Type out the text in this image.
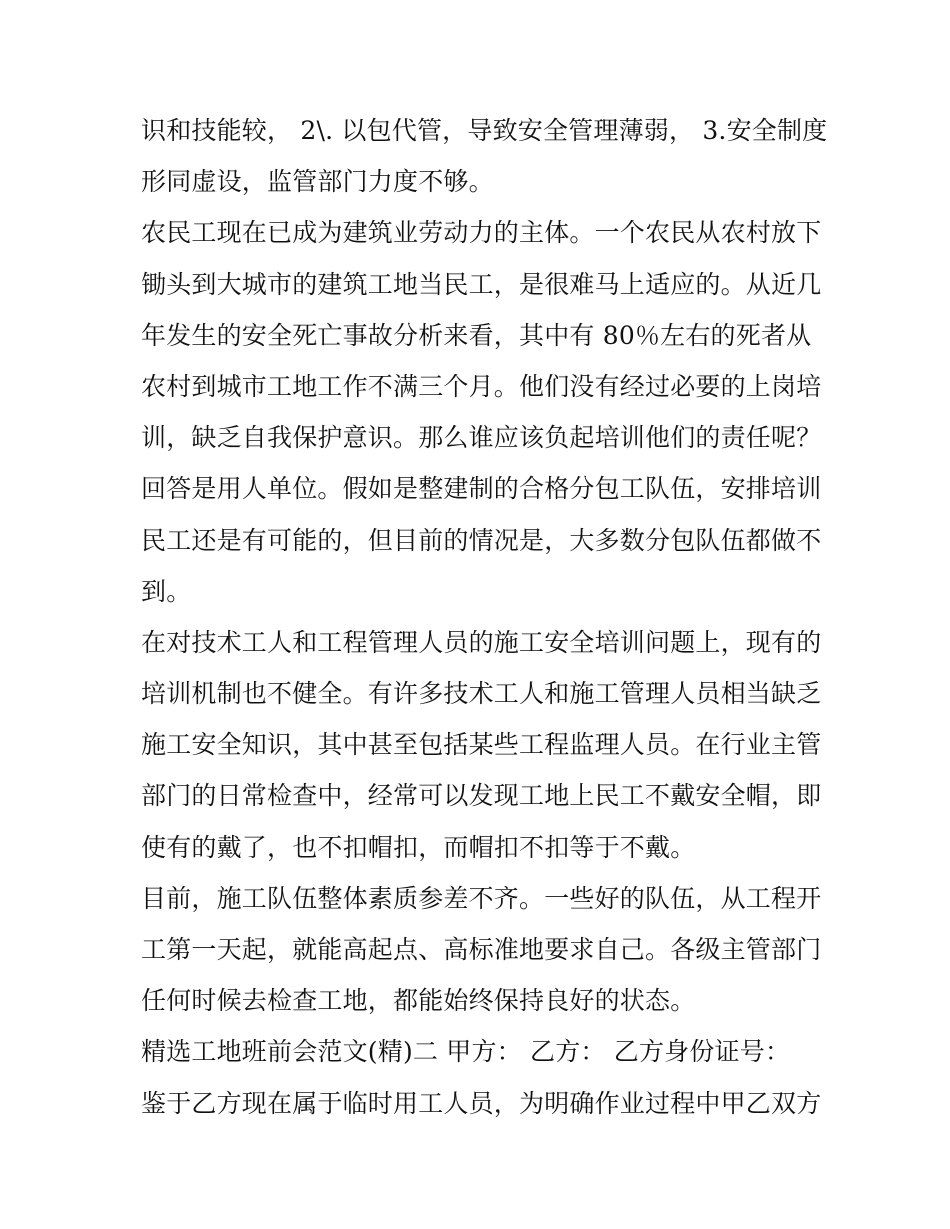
识和技能较， 2\. 以包代管，导致安全管理薄弱， 3.安全制度
形同虚设，监管部门力度不够。
农民工现在已成为建筑业劳动力的主体。一个农民从农村放下
锄头到大城市的建筑工地当民工，是很难马上适应的。从近几
年发生的安全死亡事故分析来看，其中有 80％左右的死者从
农村到城市工地工作不满三个月。他们没有经过必要的上岗培
训，缺乏自我保护意识。那么谁应该负起培训他们的责任呢？
回答是用人单位。假如是整建制的合格分包工队伍，安排培训
民工还是有可能的，但目前的情况是，大多数分包队伍都做不
到。
在对技术工人和工程管理人员的施工安全培训问题上，现有的
培训机制也不健全。有许多技术工人和施工管理人员相当缺乏
施工安全知识，其中甚至包括某些工程监理人员。在行业主管
部门的日常检查中，经常可以发现工地上民工不戴安全帽，即
使有的戴了，也不扣帽扣，而帽扣不扣等于不戴。
目前，施工队伍整体素质参差不齐。一些好的队伍，从工程开
工第一天起，就能高起点、高标准地要求自己。各级主管部门
任何时候去检查工地，都能始终保持良好的状态。
精选工地班前会范文(精)二 甲方： 乙方： 乙方身份证号：
鉴于乙方现在属于临时用工人员，为明确作业过程中甲乙双方
